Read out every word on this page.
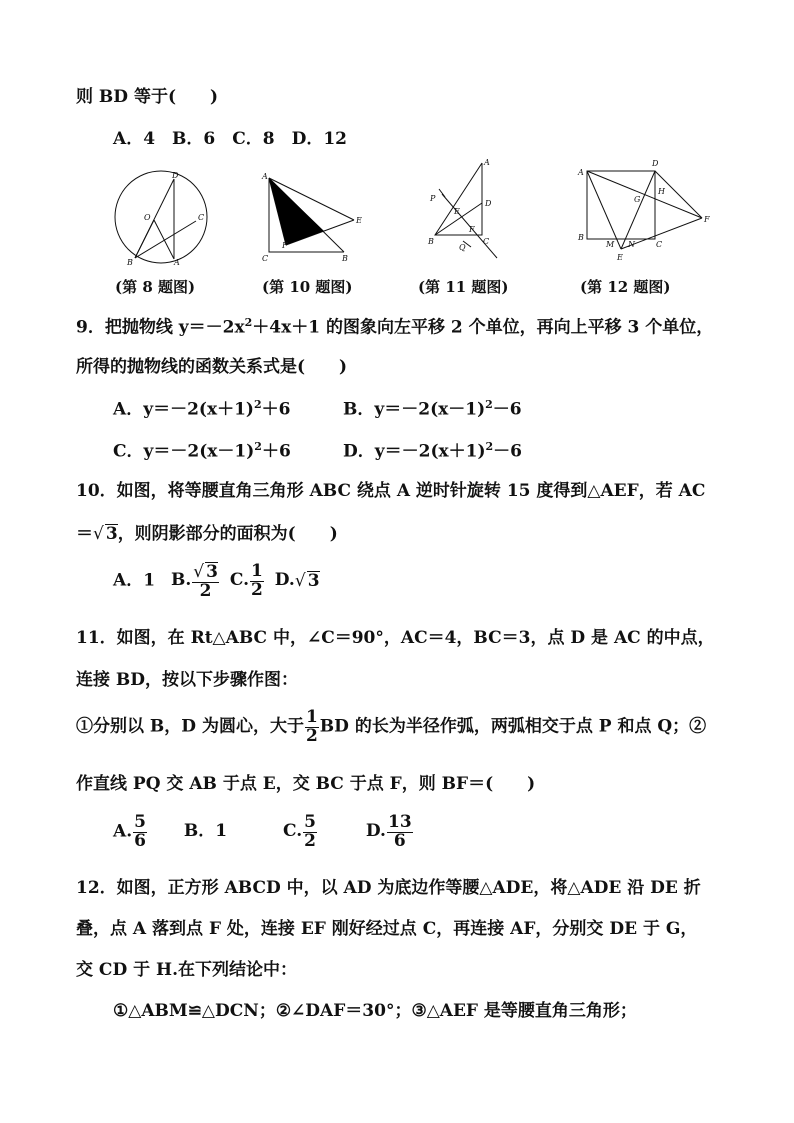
则 BD 等于(　　)
A．4　B．6　C．8　D．12
D
O	C
B	A
A
E
F
C	B
A
P
E
D
F
Q
B	C
A
D
H
G
F
B
M N	C
E
(第 8 题图)	(第 10 题图)	(第 11 题图)	(第 12 题图)
9．把抛物线 $y=-2x^2+4x+1$ 的图象向左平移 2 个单位，再向上平移 3 个单位，
所得的抛物线的函数关系式是(　　)
A．$y=-2(x+1)^2+6$	B．$y=-2(x-1)^2-6$
C．$y=-2(x-1)^2+6$	D．$y=-2(x+1)^2-6$
10．如图，将等腰直角三角形 ABC 绕点 A 逆时针旋转 15 度得到△AEF，若 AC
＝√ 3，则阴影部分的面积为(　　)
A．1 B. $\frac{√ 3}{2} C$. $\frac{1}{2} D.√$ 3
11．如图，在 Rt△ABC 中，∠C＝90°，AC＝4，BC＝3，点 D 是 AC 的中点，
连接 BD，按以下步骤作图：
①分别以 B，D 为圆心，大于 $\frac{1}{2}$ BD 的长为半径作弧，两弧相交于点 P 和点 Q；②
作直线 PQ 交 AB 于点 E，交 BC 于点 F，则 BF＝(　　)
A. $\frac{5}{6}$ B．1	C. $\frac{5}{2}$	D. $\frac{13}{6}$
12．如图，正方形 ABCD 中，以 AD 为底边作等腰△ADE，将△ADE 沿 DE 折
叠，点 A 落到点 F 处，连接 EF 刚好经过点 C，再连接 AF，分别交 DE 于 G，
交 CD 于 H.在下列结论中：
①△ABM≌△DCN；②∠DAF＝30°；③△AEF 是等腰直角三角形；
